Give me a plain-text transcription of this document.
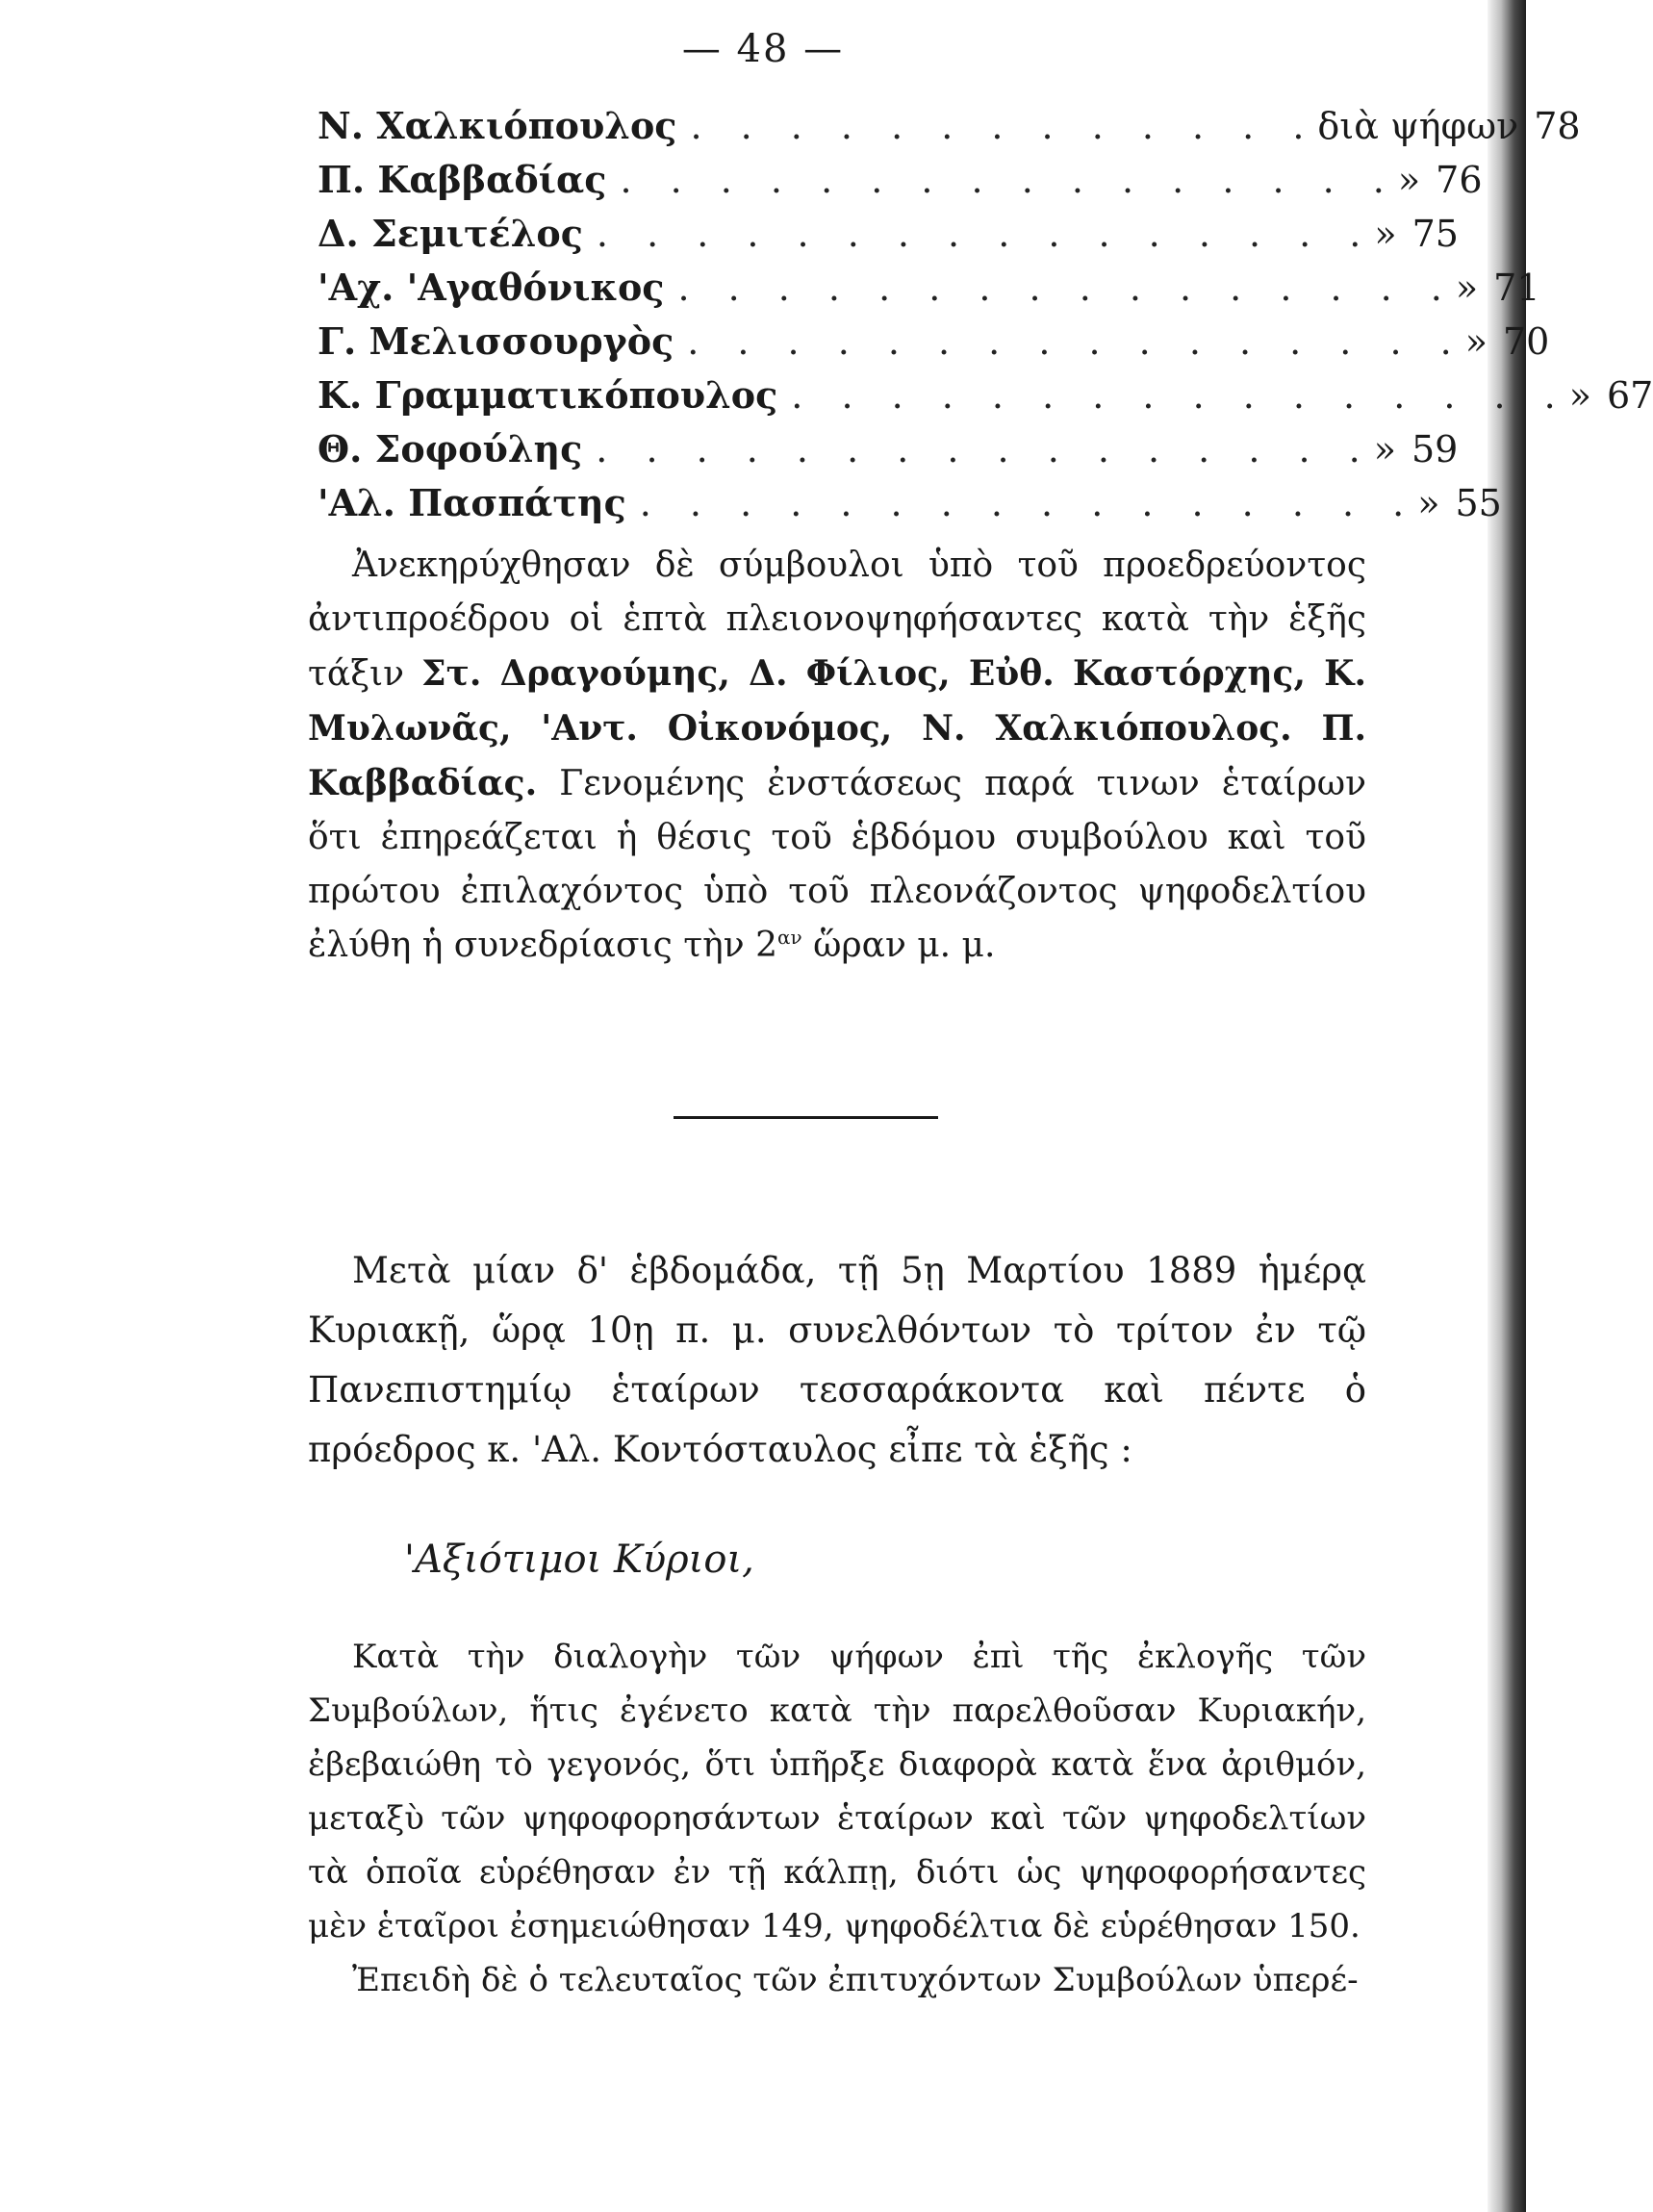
— 48 —
Ν. Χαλκιόπουλος . . . . . . . . . . . . . διὰ ψήφων 78
Π. Καββαδίας . . . . . . . . . . . . . . . . » 76
Δ. Σεμιτέλος . . . . . . . . . . . . . . . . » 75
'Αχ. 'Αγαθόνικος . . . . . . . . . . . . . . . . » 71
Γ. Μελισσουργὸς . . . . . . . . . . . . . . . . » 70
Κ. Γραμματικόπουλος . . . . . . . . . . . . . . . . » 67
Θ. Σοφούλης . . . . . . . . . . . . . . . . » 59
'Αλ. Πασπάτης . . . . . . . . . . . . . . . . » 55

Ἀνεκηρύχθησαν δὲ σύμβουλοι ὑπὸ τοῦ προεδρεύοντος ἀντιπροέδρου οἱ ἑπτὰ πλειονοψηφήσαντες κατὰ τὴν ἑξῆς τάξιν Στ. Δραγούμης, Δ. Φίλιος, Εὐθ. Καστόρχης, Κ. Μυλωνᾶς, 'Αντ. Οἰκονόμος, Ν. Χαλκιόπουλος. Π. Καββαδίας. Γενομένης ἐνστάσεως παρά τινων ἑταίρων ὅτι ἐπηρεάζεται ἡ θέσις τοῦ ἑβδόμου συμβούλου καὶ τοῦ πρώτου ἐπιλαχόντος ὑπὸ τοῦ πλεονάζοντος ψηφοδελτίου ἐλύθη ἡ συνεδρίασις τὴν $2^{\alpha\nu}$ ὥραν μ. μ.

Μετὰ μίαν δ' ἑβδομάδα, τῇ 5ῃ Μαρτίου 1889 ἡμέρᾳ Κυριακῇ, ὥρᾳ 10ῃ π. μ. συνελθόντων τὸ τρίτον ἐν τῷ Πανεπιστημίῳ ἑταίρων τεσσαράκοντα καὶ πέντε ὁ πρόεδρος κ. 'Αλ. Κοντόσταυλος εἶπε τὰ ἑξῆς :

'Αξιότιμοι Κύριοι,

Κατὰ τὴν διαλογὴν τῶν ψήφων ἐπὶ τῆς ἐκλογῆς τῶν Συμβούλων, ἥτις ἐγένετο κατὰ τὴν παρελθοῦσαν Κυριακήν, ἐβεβαιώθη τὸ γεγονός, ὅτι ὑπῆρξε διαφορὰ κατὰ ἕνα ἀριθμόν, μεταξὺ τῶν ψηφοφορησάντων ἑταίρων καὶ τῶν ψηφοδελτίων τὰ ὁποῖα εὑρέθησαν ἐν τῇ κάλπῃ, διότι ὡς ψηφοφορήσαντες μὲν ἑταῖροι ἐσημειώθησαν 149, ψηφοδέλτια δὲ εὑρέθησαν 150.

Ἐπειδὴ δὲ ὁ τελευταῖος τῶν ἐπιτυχόντων Συμβούλων ὑπερέ-
